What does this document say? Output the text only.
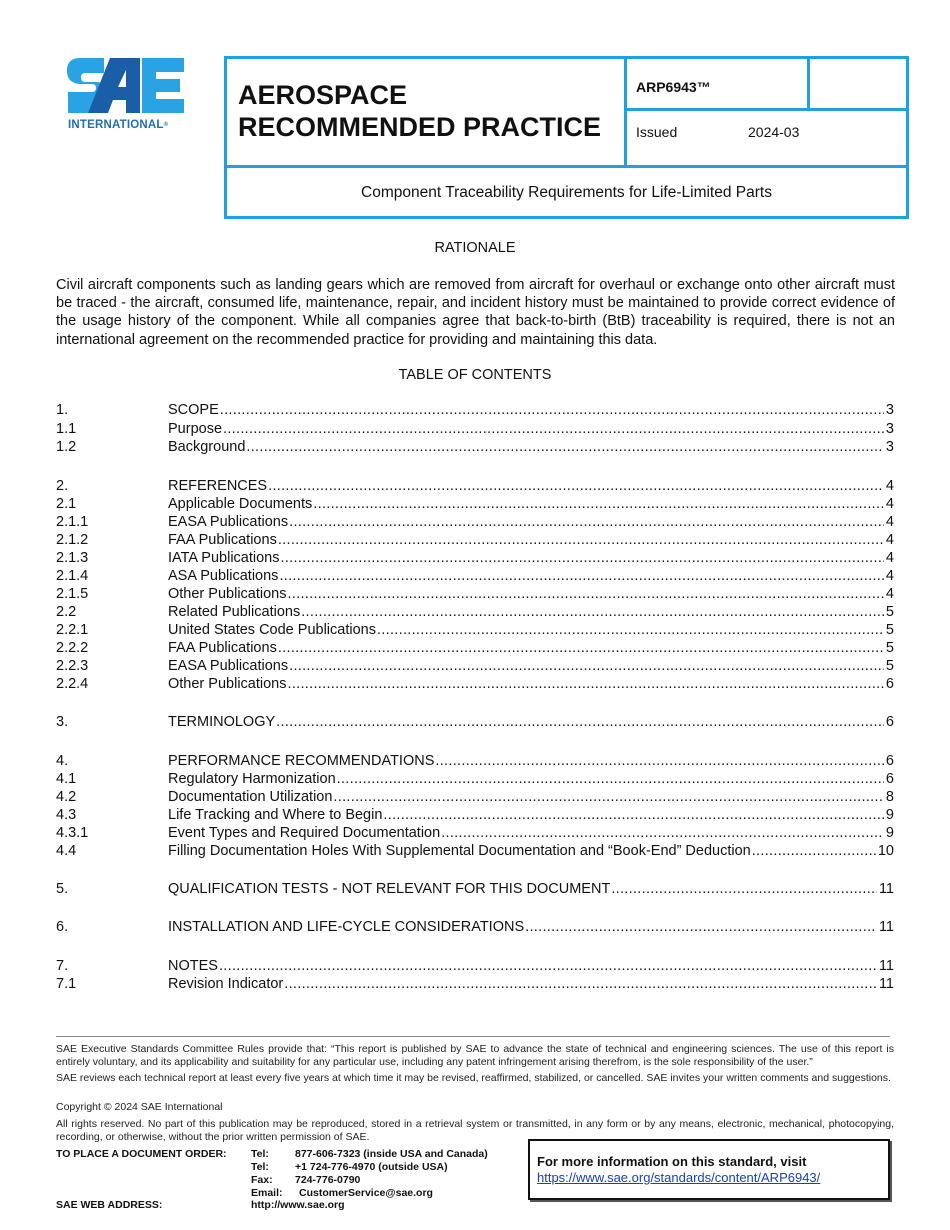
INTERNATIONAL®
AEROSPACE
RECOMMENDED PRACTICE
ARP6943™
Issued	2024-03
Component Traceability Requirements for Life-Limited Parts
RATIONALE
Civil aircraft components such as landing gears which are removed from aircraft for overhaul or exchange onto other aircraft must be traced - the aircraft, consumed life, maintenance, repair, and incident history must be maintained to provide correct evidence of the usage history of the component. While all companies agree that back-to-birth (BtB) traceability is required, there is not an international agreement on the recommended practice for providing and maintaining this data.
TABLE OF CONTENTS
1.	SCOPE .....	3
1.1	Purpose .....	3
1.2	Background .....	3
2.	REFERENCES .....	4
2.1	Applicable Documents .....	4
2.1.1	EASA Publications .....	4
2.1.2	FAA Publications .....	4
2.1.3	IATA Publications .....	4
2.1.4	ASA Publications .....	4
2.1.5	Other Publications .....	4
2.2	Related Publications .....	5
2.2.1	United States Code Publications .....	5
2.2.2	FAA Publications .....	5
2.2.3	EASA Publications .....	5
2.2.4	Other Publications .....	6
3.	TERMINOLOGY .....	6
4.	PERFORMANCE RECOMMENDATIONS .....	6
4.1	Regulatory Harmonization .....	6
4.2	Documentation Utilization .....	8
4.3	Life Tracking and Where to Begin .....	9
4.3.1	Event Types and Required Documentation .....	9
4.4	Filling Documentation Holes With Supplemental Documentation and “Book-End” Deduction .....	10
5.	QUALIFICATION TESTS - NOT RELEVANT FOR THIS DOCUMENT .....	11
6.	INSTALLATION AND LIFE-CYCLE CONSIDERATIONS .....	11
7.	NOTES .....	11
7.1	Revision Indicator .....	11
SAE Executive Standards Committee Rules provide that: “This report is published by SAE to advance the state of technical and engineering sciences. The use of this report is entirely voluntary, and its applicability and suitability for any particular use, including any patent infringement arising therefrom, is the sole responsibility of the user.”
SAE reviews each technical report at least every five years at which time it may be revised, reaffirmed, stabilized, or cancelled. SAE invites your written comments and suggestions.
Copyright © 2024 SAE International
All rights reserved. No part of this publication may be reproduced, stored in a retrieval system or transmitted, in any form or by any means, electronic, mechanical, photocopying, recording, or otherwise, without the prior written permission of SAE.
TO PLACE A DOCUMENT ORDER: Tel: 877-606-7323 (inside USA and Canada)
Tel: +1 724-776-4970 (outside USA)
Fax: 724-776-0790
Email: CustomerService@sae.org
SAE WEB ADDRESS:	http://www.sae.org
For more information on this standard, visit
https://www.sae.org/standards/content/ARP6943/
